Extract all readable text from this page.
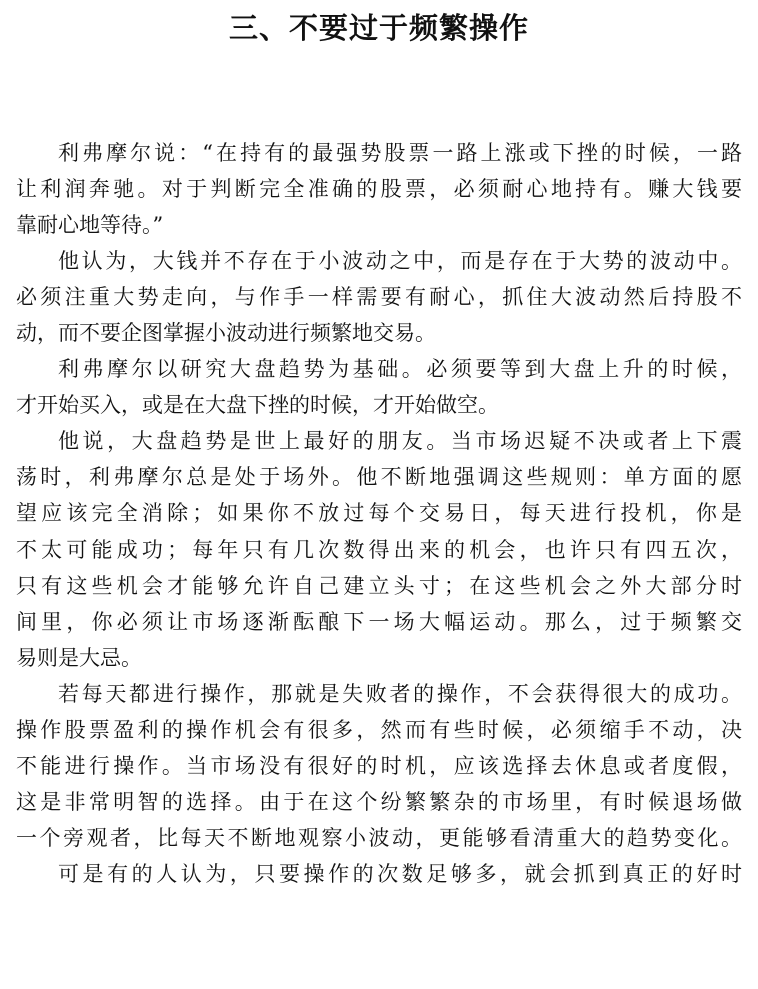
三、不要过于频繁操作
利弗摩尔说：“在持有的最强势股票一路上涨或下挫的时候，一路
让利润奔驰。对于判断完全准确的股票，必须耐心地持有。赚大钱要
靠耐心地等待。”
他认为，大钱并不存在于小波动之中，而是存在于大势的波动中。
必须注重大势走向，与作手一样需要有耐心，抓住大波动然后持股不
动，而不要企图掌握小波动进行频繁地交易。
利弗摩尔以研究大盘趋势为基础。必须要等到大盘上升的时候，
才开始买入，或是在大盘下挫的时候，才开始做空。
他说，大盘趋势是世上最好的朋友。当市场迟疑不决或者上下震
荡时，利弗摩尔总是处于场外。他不断地强调这些规则：单方面的愿
望应该完全消除；如果你不放过每个交易日，每天进行投机，你是
不太可能成功；每年只有几次数得出来的机会，也许只有四五次，
只有这些机会才能够允许自己建立头寸；在这些机会之外大部分时
间里，你必须让市场逐渐酝酿下一场大幅运动。那么，过于频繁交
易则是大忌。
若每天都进行操作，那就是失败者的操作，不会获得很大的成功。
操作股票盈利的操作机会有很多，然而有些时候，必须缩手不动，决
不能进行操作。当市场没有很好的时机，应该选择去休息或者度假，
这是非常明智的选择。由于在这个纷繁繁杂的市场里，有时候退场做
一个旁观者，比每天不断地观察小波动，更能够看清重大的趋势变化。
可是有的人认为，只要操作的次数足够多，就会抓到真正的好时
